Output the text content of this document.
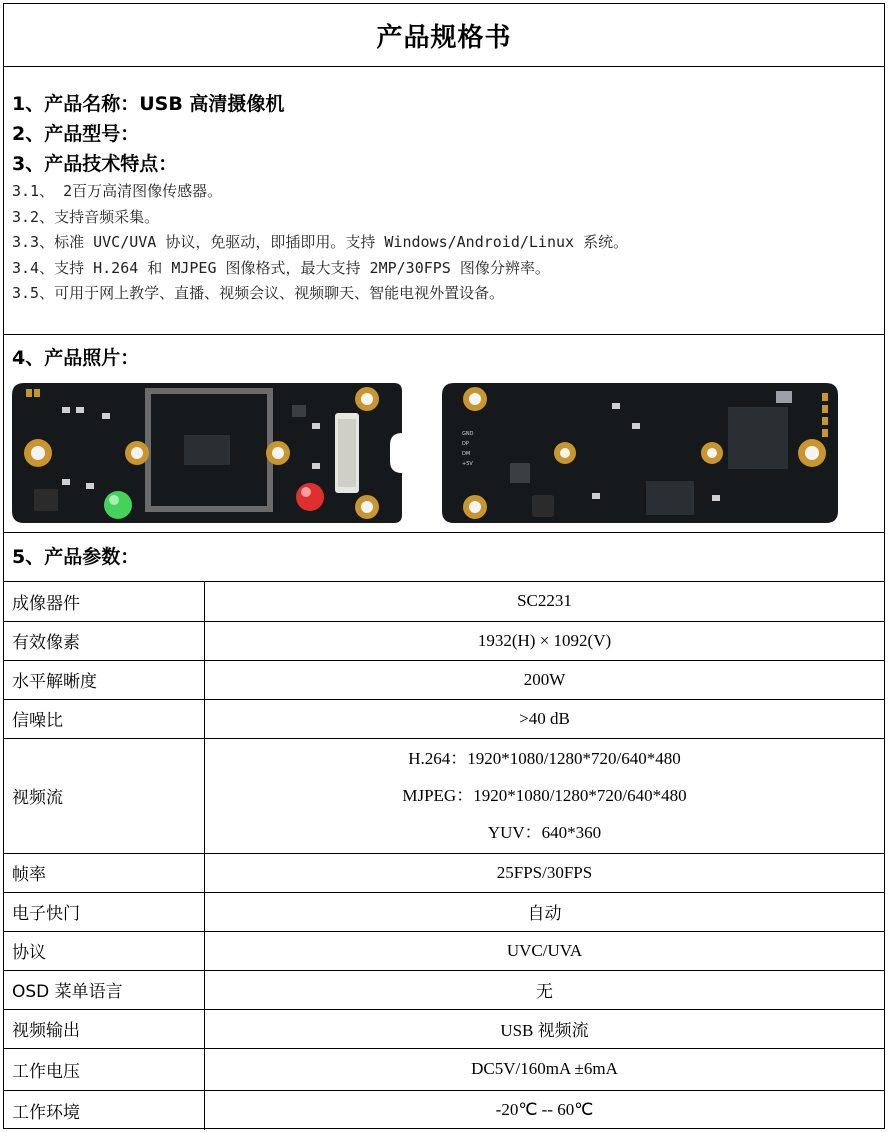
产品规格书
1、产品名称：USB 高清摄像机
2、产品型号：
3、产品技术特点：
3.1、 2百万高清图像传感器。
3.2、支持音频采集。
3.3、标准 UVC/UVA 协议，免驱动，即插即用。支持 Windows/Android/Linux 系统。
3.4、支持 H.264 和 MJPEG 图像格式，最大支持 2MP/30FPS 图像分辨率。
3.5、可用于网上教学、直播、视频会议、视频聊天、智能电视外置设备。
4、产品照片：
GND
DP
DM
+5V
5、产品参数：
成像器件	SC2231
有效像素	1932(H) × 1092(V)
水平解晰度	200W
信噪比	>40 dB
视频流	H.264：1920*1080/1280*720/640*480
MJPEG：1920*1080/1280*720/640*480
YUV：640*360

帧率	25FPS/30FPS
电子快门	自动
协议	UVC/UVA
OSD 菜单语言	无
视频输出	USB 视频流
工作电压	DC5V/160mA ±6mA
工作环境	-20℃ -- 60℃
